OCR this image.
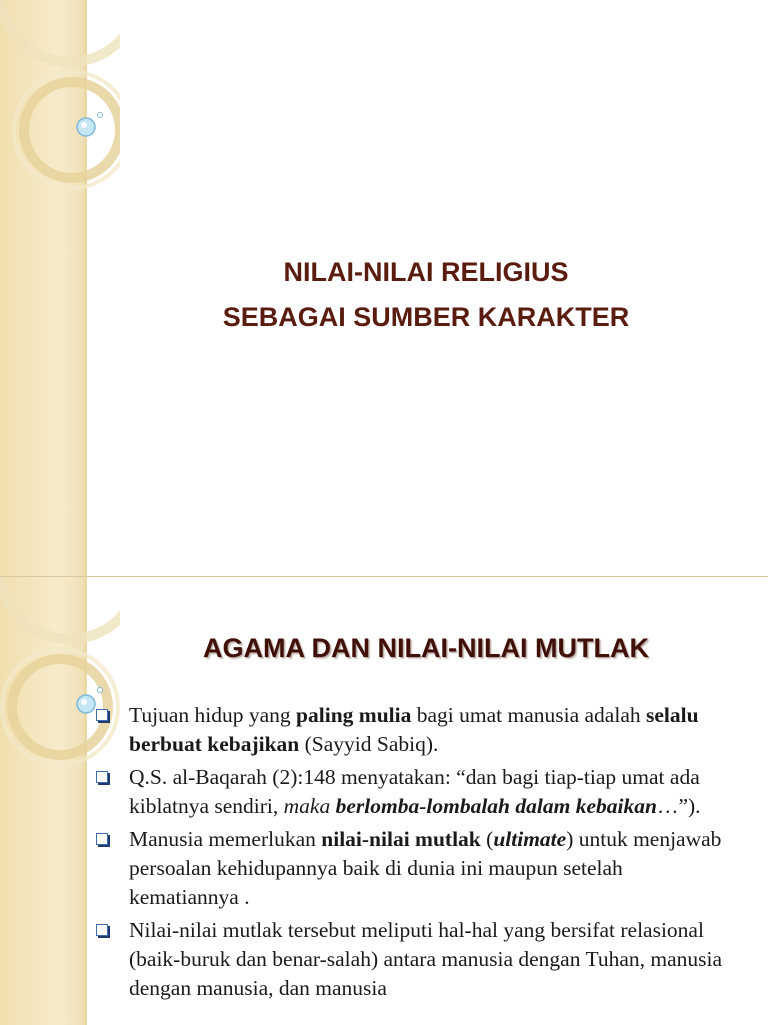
NILAI-NILAI RELIGIUS
SEBAGAI SUMBER KARAKTER
AGAMA DAN NILAI-NILAI MUTLAK
Tujuan hidup yang paling mulia bagi umat manusia adalah selalu berbuat kebajikan (Sayyid Sabiq).
Q.S. al-Baqarah (2):148 menyatakan: “dan bagi tiap-tiap umat ada kiblatnya sendiri, maka berlomba-lombalah dalam kebaikan…”).
Manusia memerlukan nilai-nilai mutlak (ultimate) untuk menjawab persoalan kehidupannya baik di dunia ini maupun setelah kematiannya .
Nilai-nilai mutlak tersebut meliputi hal-hal yang bersifat relasional (baik-buruk dan benar-salah) antara manusia dengan Tuhan, manusia dengan manusia, dan manusia
